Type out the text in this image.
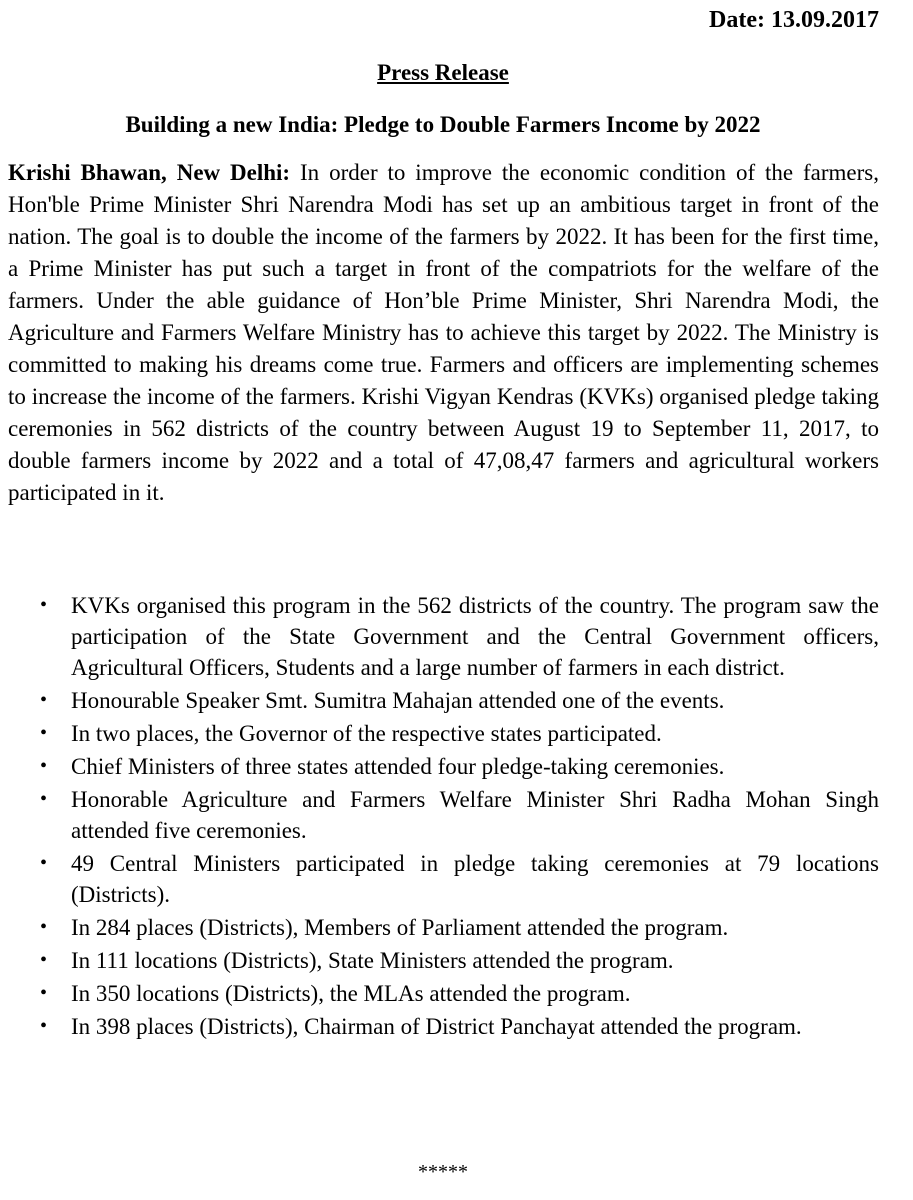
Date: 13.09.2017
Press Release
Building a new India: Pledge to Double Farmers Income by 2022

Krishi Bhawan, New Delhi: In order to improve the economic condition of the farmers, Hon'ble Prime Minister Shri Narendra Modi has set up an ambitious target in front of the nation. The goal is to double the income of the farmers by 2022. It has been for the first time, a Prime Minister has put such a target in front of the compatriots for the welfare of the farmers. Under the able guidance of Hon’ble Prime Minister, Shri Narendra Modi, the Agriculture and Farmers Welfare Ministry has to achieve this target by 2022. The Ministry is committed to making his dreams come true. Farmers and officers are implementing schemes to increase the income of the farmers. Krishi Vigyan Kendras (KVKs) organised pledge taking ceremonies in 562 districts of the country between August 19 to September 11, 2017, to double farmers income by 2022 and a total of 47,08,47 farmers and agricultural workers participated in it.

• KVKs organised this program in the 562 districts of the country. The program saw the participation of the State Government and the Central Government officers, Agricultural Officers, Students and a large number of farmers in each district.
• Honourable Speaker Smt. Sumitra Mahajan attended one of the events.
• In two places, the Governor of the respective states participated.
• Chief Ministers of three states attended four pledge-taking ceremonies.
• Honorable Agriculture and Farmers Welfare Minister Shri Radha Mohan Singh attended five ceremonies.
• 49 Central Ministers participated in pledge taking ceremonies at 79 locations (Districts).
• In 284 places (Districts), Members of Parliament attended the program.
• In 111 locations (Districts), State Ministers attended the program.
• In 350 locations (Districts), the MLAs attended the program.
• In 398 places (Districts), Chairman of District Panchayat attended the program.
*****
